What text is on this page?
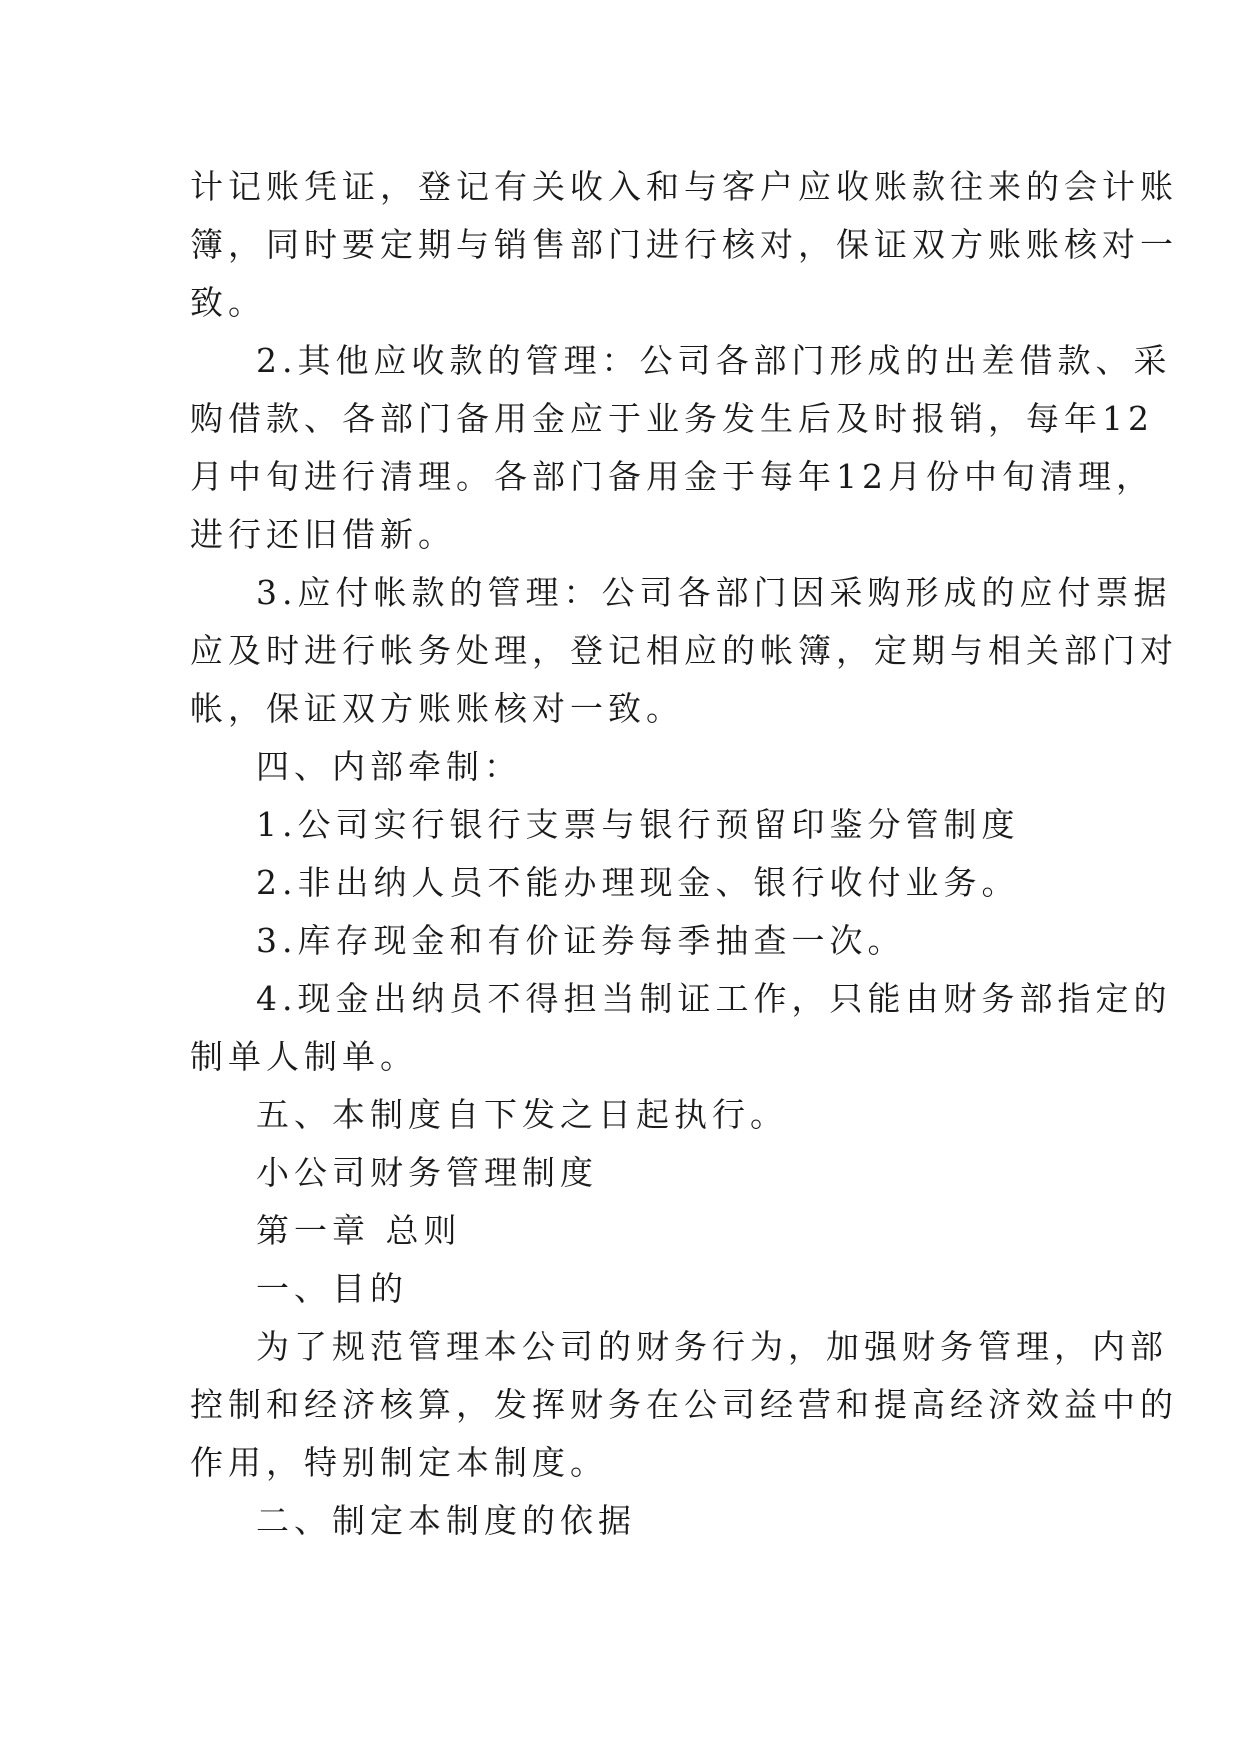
计记账凭证，登记有关收入和与客户应收账款往来的会计账
簿，同时要定期与销售部门进行核对，保证双方账账核对一
致。
2.其他应收款的管理：公司各部门形成的出差借款、采
购借款、各部门备用金应于业务发生后及时报销，每年12
月中旬进行清理。各部门备用金于每年12月份中旬清理，
进行还旧借新。
3.应付帐款的管理：公司各部门因采购形成的应付票据
应及时进行帐务处理，登记相应的帐簿，定期与相关部门对
帐，保证双方账账核对一致。
四、内部牵制：
1.公司实行银行支票与银行预留印鉴分管制度
2.非出纳人员不能办理现金、银行收付业务。
3.库存现金和有价证券每季抽查一次。
4.现金出纳员不得担当制证工作，只能由财务部指定的
制单人制单。
五、本制度自下发之日起执行。
小公司财务管理制度
第一章 总则
一、目的
为了规范管理本公司的财务行为，加强财务管理，内部
控制和经济核算，发挥财务在公司经营和提高经济效益中的
作用，特别制定本制度。
二、制定本制度的依据
